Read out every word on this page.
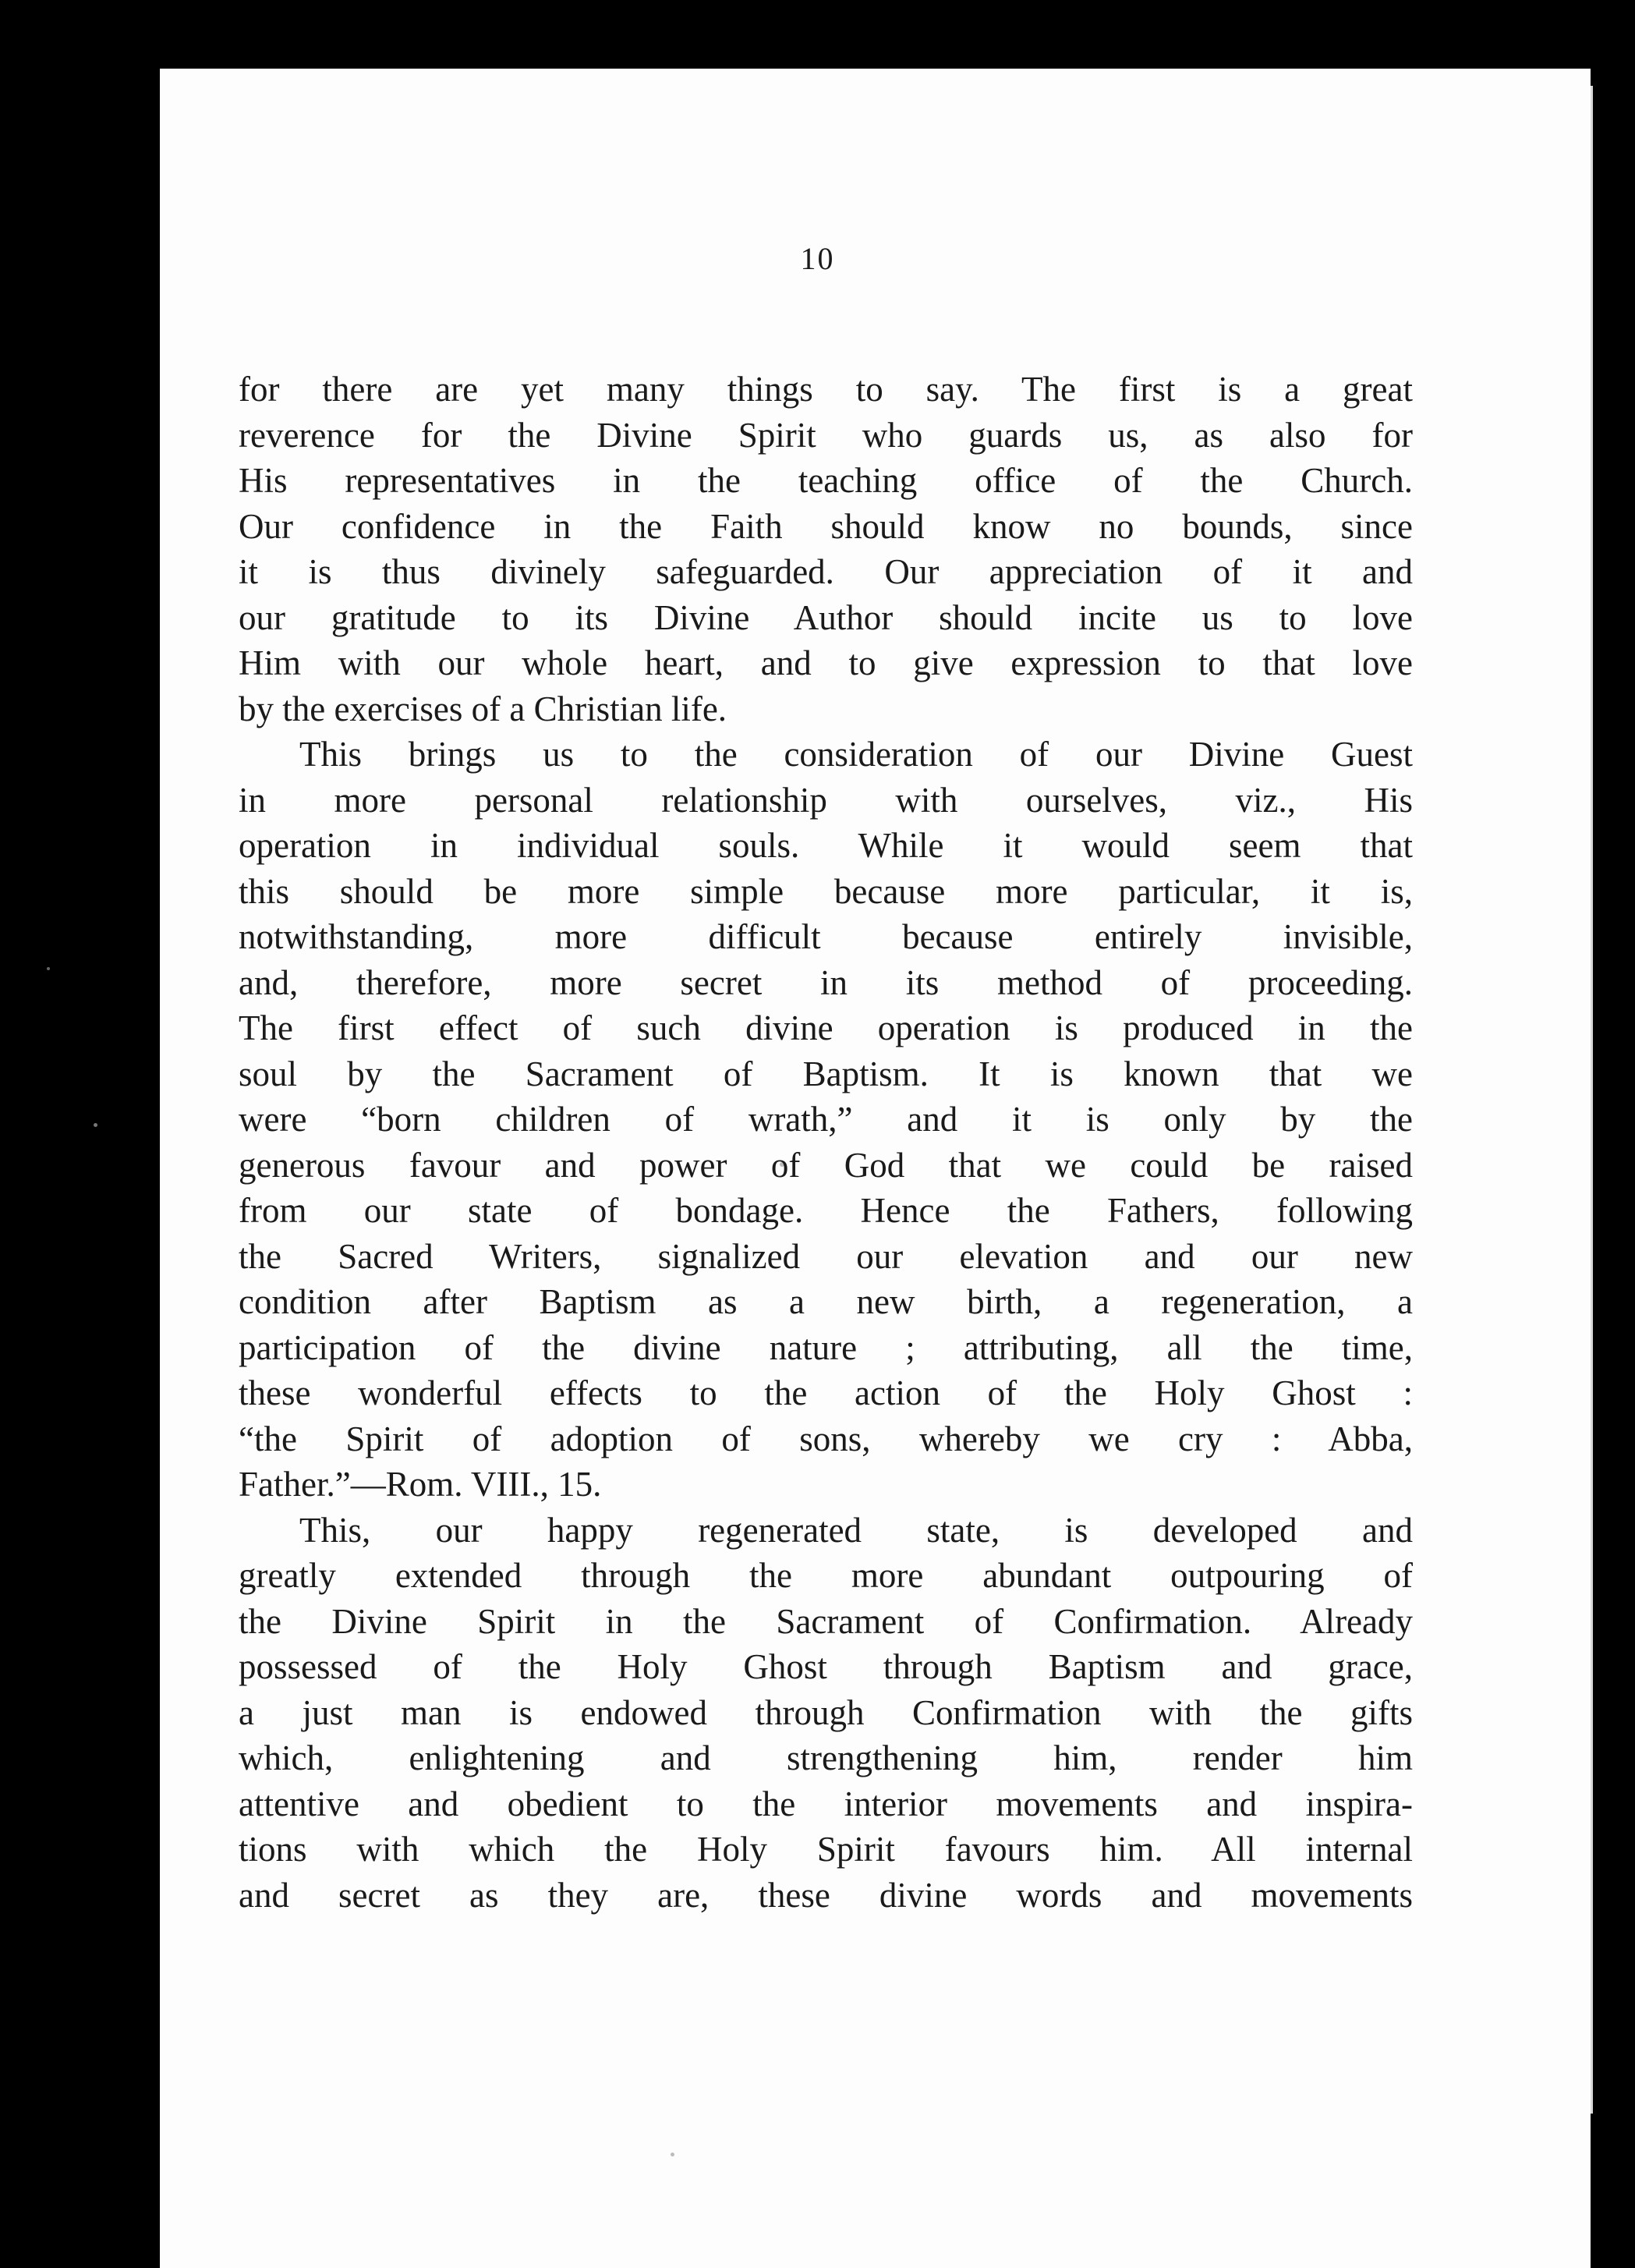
10
for there are yet many things to say. The first is a great
reverence for the Divine Spirit who guards us, as also for
His representatives in the teaching office of the Church.
Our confidence in the Faith should know no bounds, since
it is thus divinely safeguarded. Our appreciation of it and
our gratitude to its Divine Author should incite us to love
Him with our whole heart, and to give expression to that love
by the exercises of a Christian life.
This brings us to the consideration of our Divine Guest
in more personal relationship with ourselves, viz., His
operation in individual souls. While it would seem that
this should be more simple because more particular, it is,
notwithstanding, more difficult because entirely invisible,
and, therefore, more secret in its method of proceeding.
The first effect of such divine operation is produced in the
soul by the Sacrament of Baptism. It is known that we
were “born children of wrath,” and it is only by the
generous favour and power of God that we could be raised
from our state of bondage. Hence the Fathers, following
the Sacred Writers, signalized our elevation and our new
condition after Baptism as a new birth, a regeneration, a
participation of the divine nature ; attributing, all the time,
these wonderful effects to the action of the Holy Ghost :
“the Spirit of adoption of sons, whereby we cry : Abba,
Father.”—Rom. VIII., 15.
This, our happy regenerated state, is developed and
greatly extended through the more abundant outpouring of
the Divine Spirit in the Sacrament of Confirmation. Already
possessed of the Holy Ghost through Baptism and grace,
a just man is endowed through Confirmation with the gifts
which, enlightening and strengthening him, render him
attentive and obedient to the interior movements and inspira-
tions with which the Holy Spirit favours him. All internal
and secret as they are, these divine words and movements
